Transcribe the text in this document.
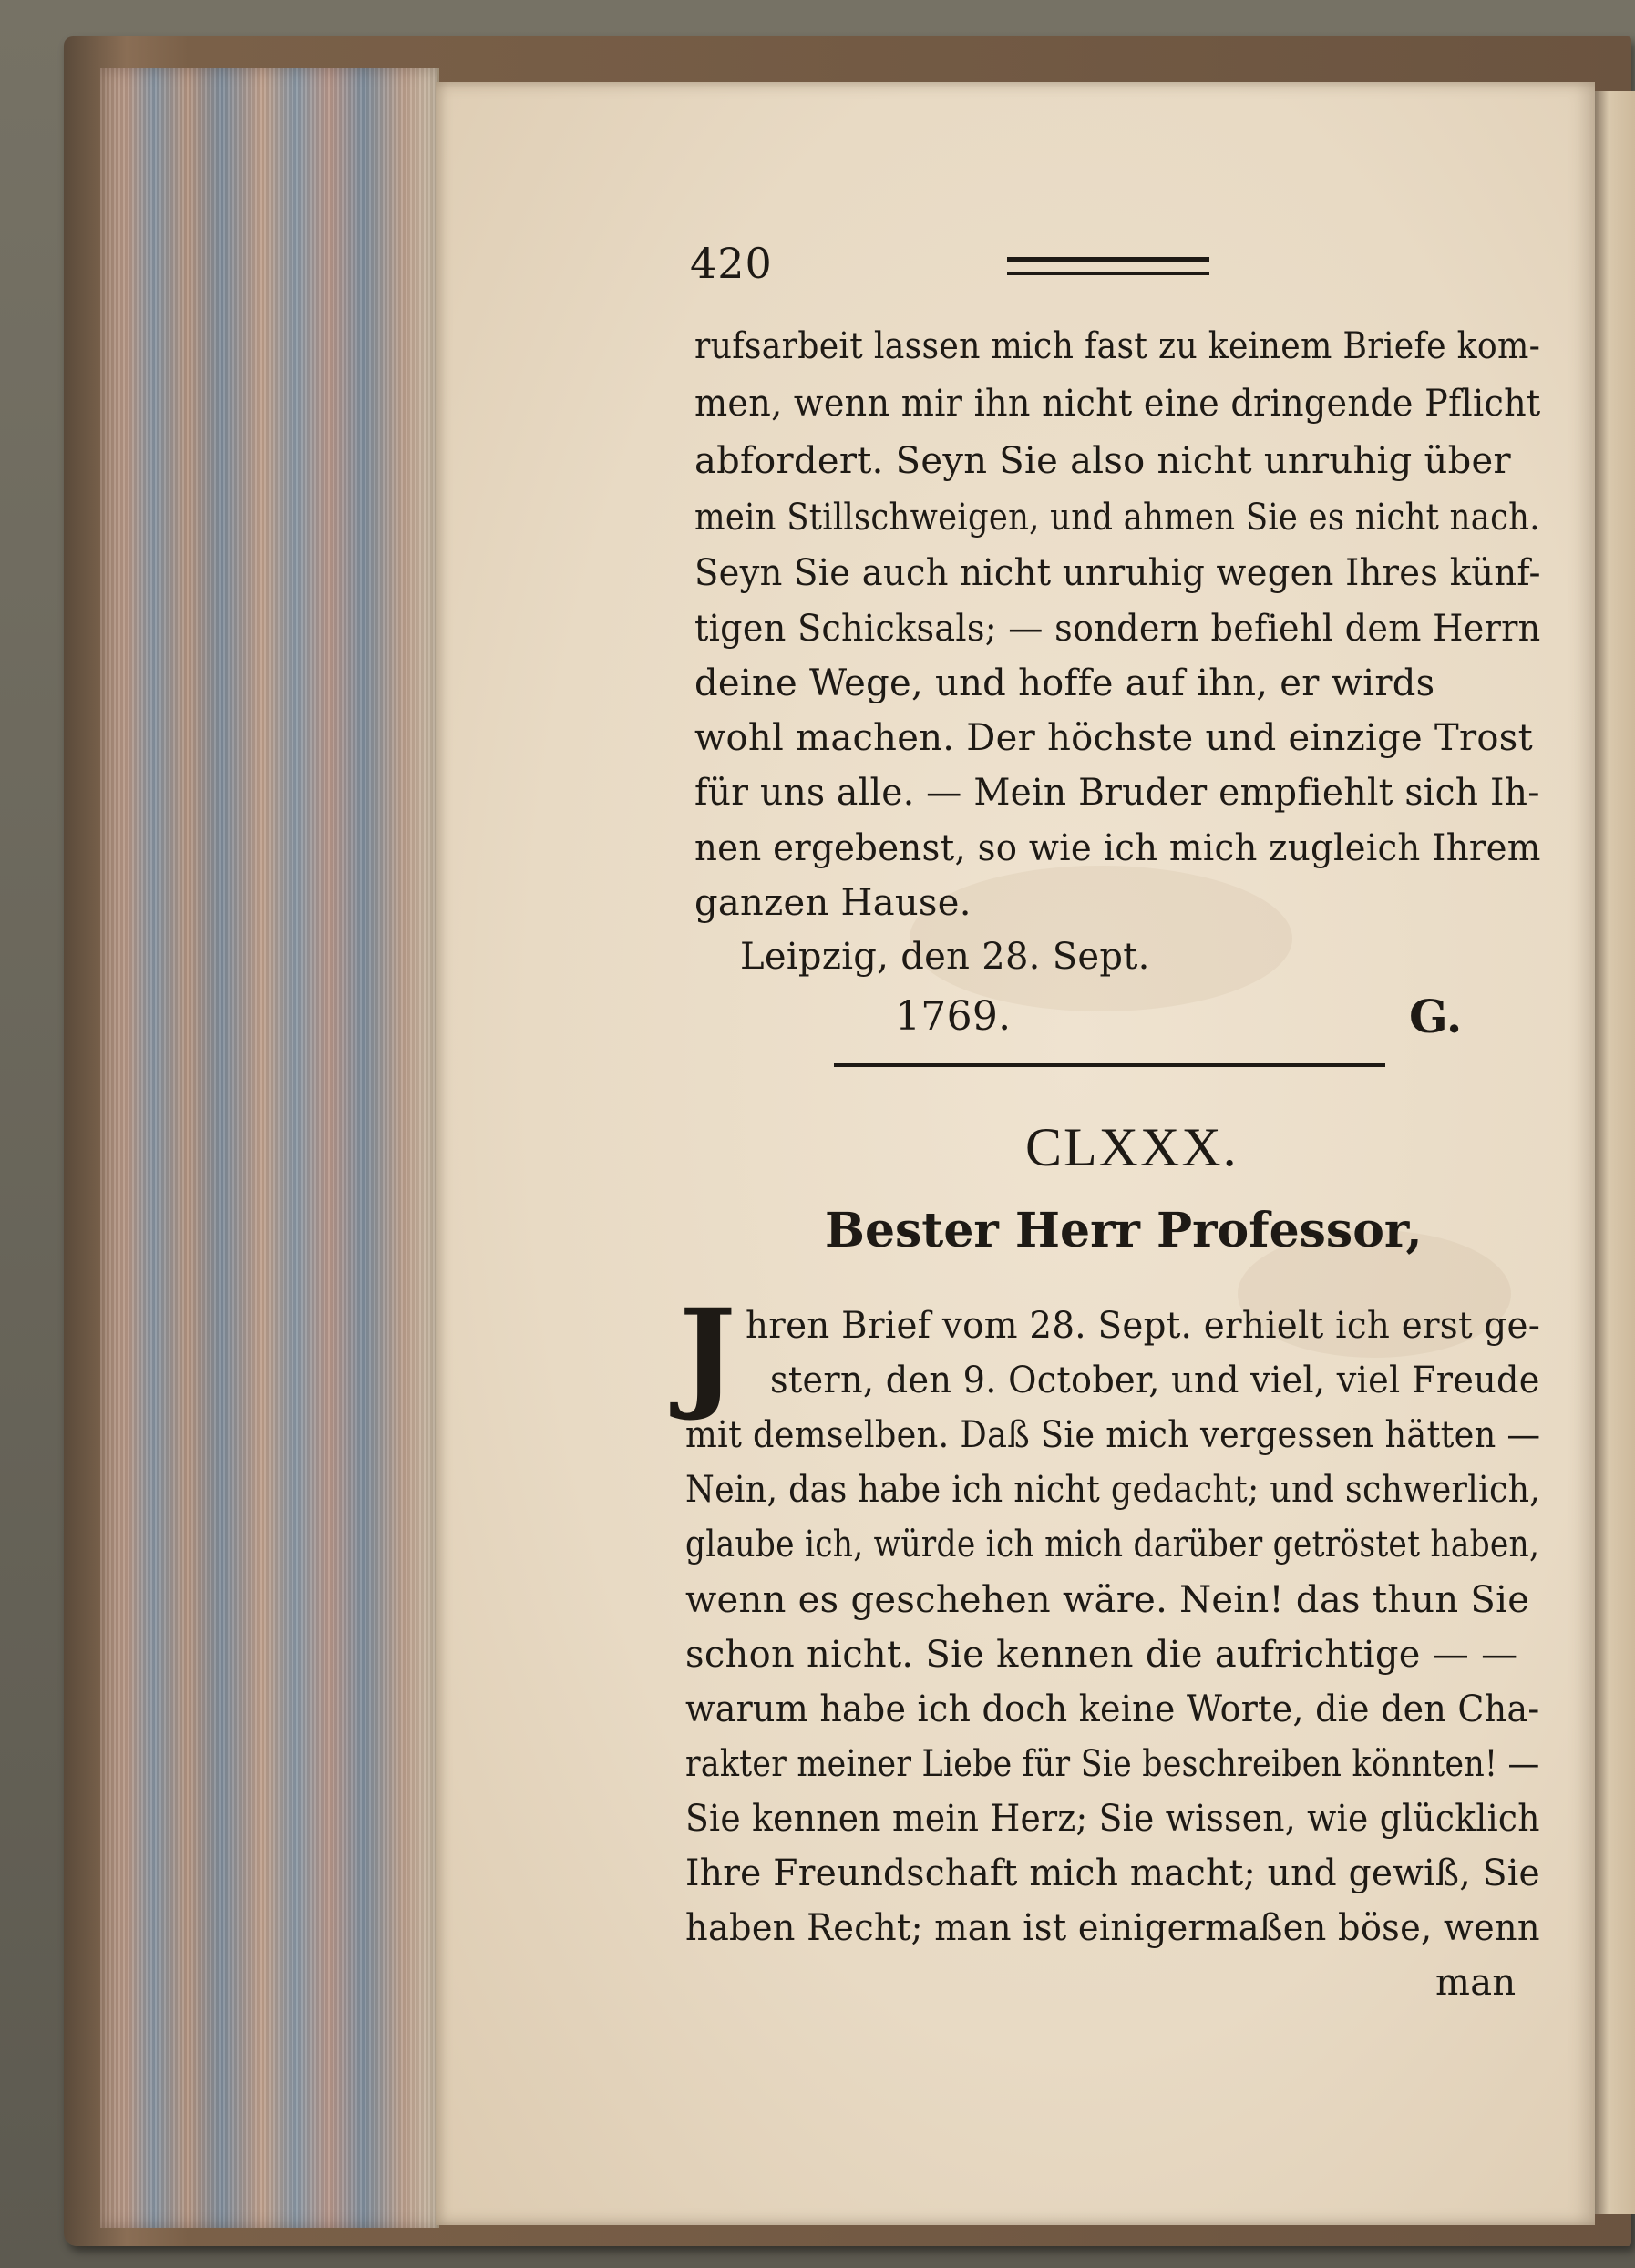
420
rufsarbeit lassen mich fast zu keinem Briefe kom-
men, wenn mir ihn nicht eine dringende Pflicht
abfordert. Seyn Sie also nicht unruhig über
mein Stillschweigen, und ahmen Sie es nicht nach.
Seyn Sie auch nicht unruhig wegen Ihres künf-
tigen Schicksals; — sondern befiehl dem Herrn
deine Wege, und hoffe auf ihn, er wirds
wohl machen. Der höchste und einzige Trost
für uns alle. — Mein Bruder empfiehlt sich Ih-
nen ergebenst, so wie ich mich zugleich Ihrem
ganzen Hause.
Leipzig, den 28. Sept.
1769.	G.
CLXXX.
Bester Herr Professor,
J hren Brief vom 28. Sept. erhielt ich erst ge-
stern, den 9. October, und viel, viel Freude
mit demselben. Daß Sie mich vergessen hätten —
Nein, das habe ich nicht gedacht; und schwerlich,
glaube ich, würde ich mich darüber getröstet haben,
wenn es geschehen wäre. Nein! das thun Sie
schon nicht. Sie kennen die aufrichtige — —
warum habe ich doch keine Worte, die den Cha-
rakter meiner Liebe für Sie beschreiben könnten! —
Sie kennen mein Herz; Sie wissen, wie glücklich
Ihre Freundschaft mich macht; und gewiß, Sie
haben Recht; man ist einigermaßen böse, wenn
man
